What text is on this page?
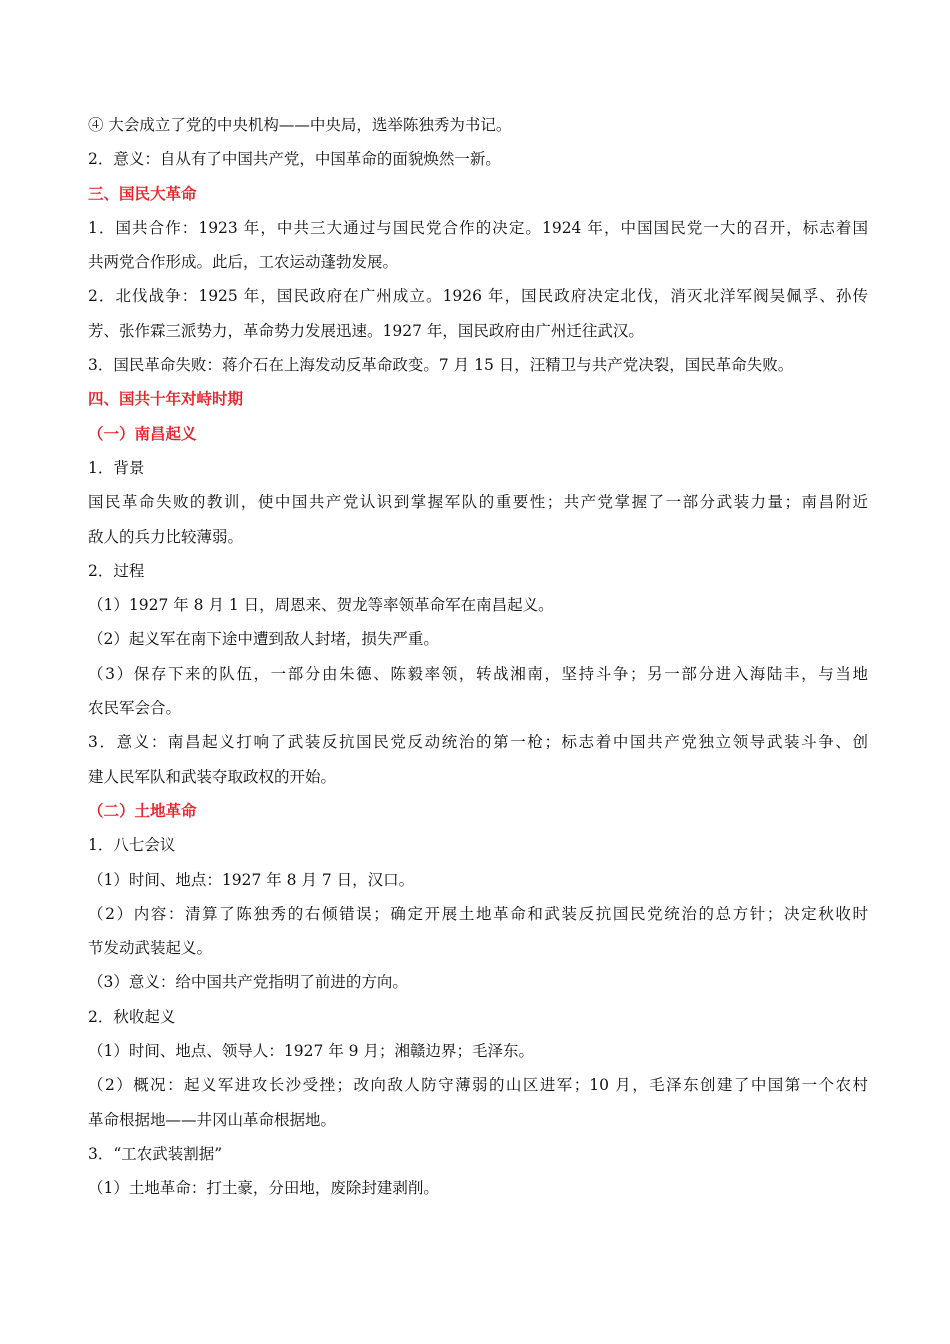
④ 大会成立了党的中央机构——中央局，选举陈独秀为书记。
2．意义：自从有了中国共产党，中国革命的面貌焕然一新。
三、国民大革命
1．国共合作：1923 年，中共三大通过与国民党合作的决定。1924 年，中国国民党一大的召开，标志着国
共两党合作形成。此后，工农运动蓬勃发展。
2．北伐战争：1925 年，国民政府在广州成立。1926 年，国民政府决定北伐，消灭北洋军阀吴佩孚、孙传
芳、张作霖三派势力，革命势力发展迅速。1927 年，国民政府由广州迁往武汉。
3．国民革命失败：蒋介石在上海发动反革命政变。7 月 15 日，汪精卫与共产党决裂，国民革命失败。
四、国共十年对峙时期
（一）南昌起义
1．背景
国民革命失败的教训，使中国共产党认识到掌握军队的重要性；共产党掌握了一部分武装力量；南昌附近
敌人的兵力比较薄弱。
2．过程
（1）1927 年 8 月 1 日，周恩来、贺龙等率领革命军在南昌起义。
（2）起义军在南下途中遭到敌人封堵，损失严重。
（3）保存下来的队伍，一部分由朱德、陈毅率领，转战湘南，坚持斗争；另一部分进入海陆丰，与当地
农民军会合。
3．意义：南昌起义打响了武装反抗国民党反动统治的第一枪；标志着中国共产党独立领导武装斗争、创
建人民军队和武装夺取政权的开始。
（二）土地革命
1．八七会议
（1）时间、地点：1927 年 8 月 7 日，汉口。
（2）内容：清算了陈独秀的右倾错误；确定开展土地革命和武装反抗国民党统治的总方针；决定秋收时
节发动武装起义。
（3）意义：给中国共产党指明了前进的方向。
2．秋收起义
（1）时间、地点、领导人：1927 年 9 月；湘赣边界；毛泽东。
（2）概况：起义军进攻长沙受挫；改向敌人防守薄弱的山区进军；10 月，毛泽东创建了中国第一个农村
革命根据地——井冈山革命根据地。
3．“工农武装割据”
（1）土地革命：打土豪，分田地，废除封建剥削。
